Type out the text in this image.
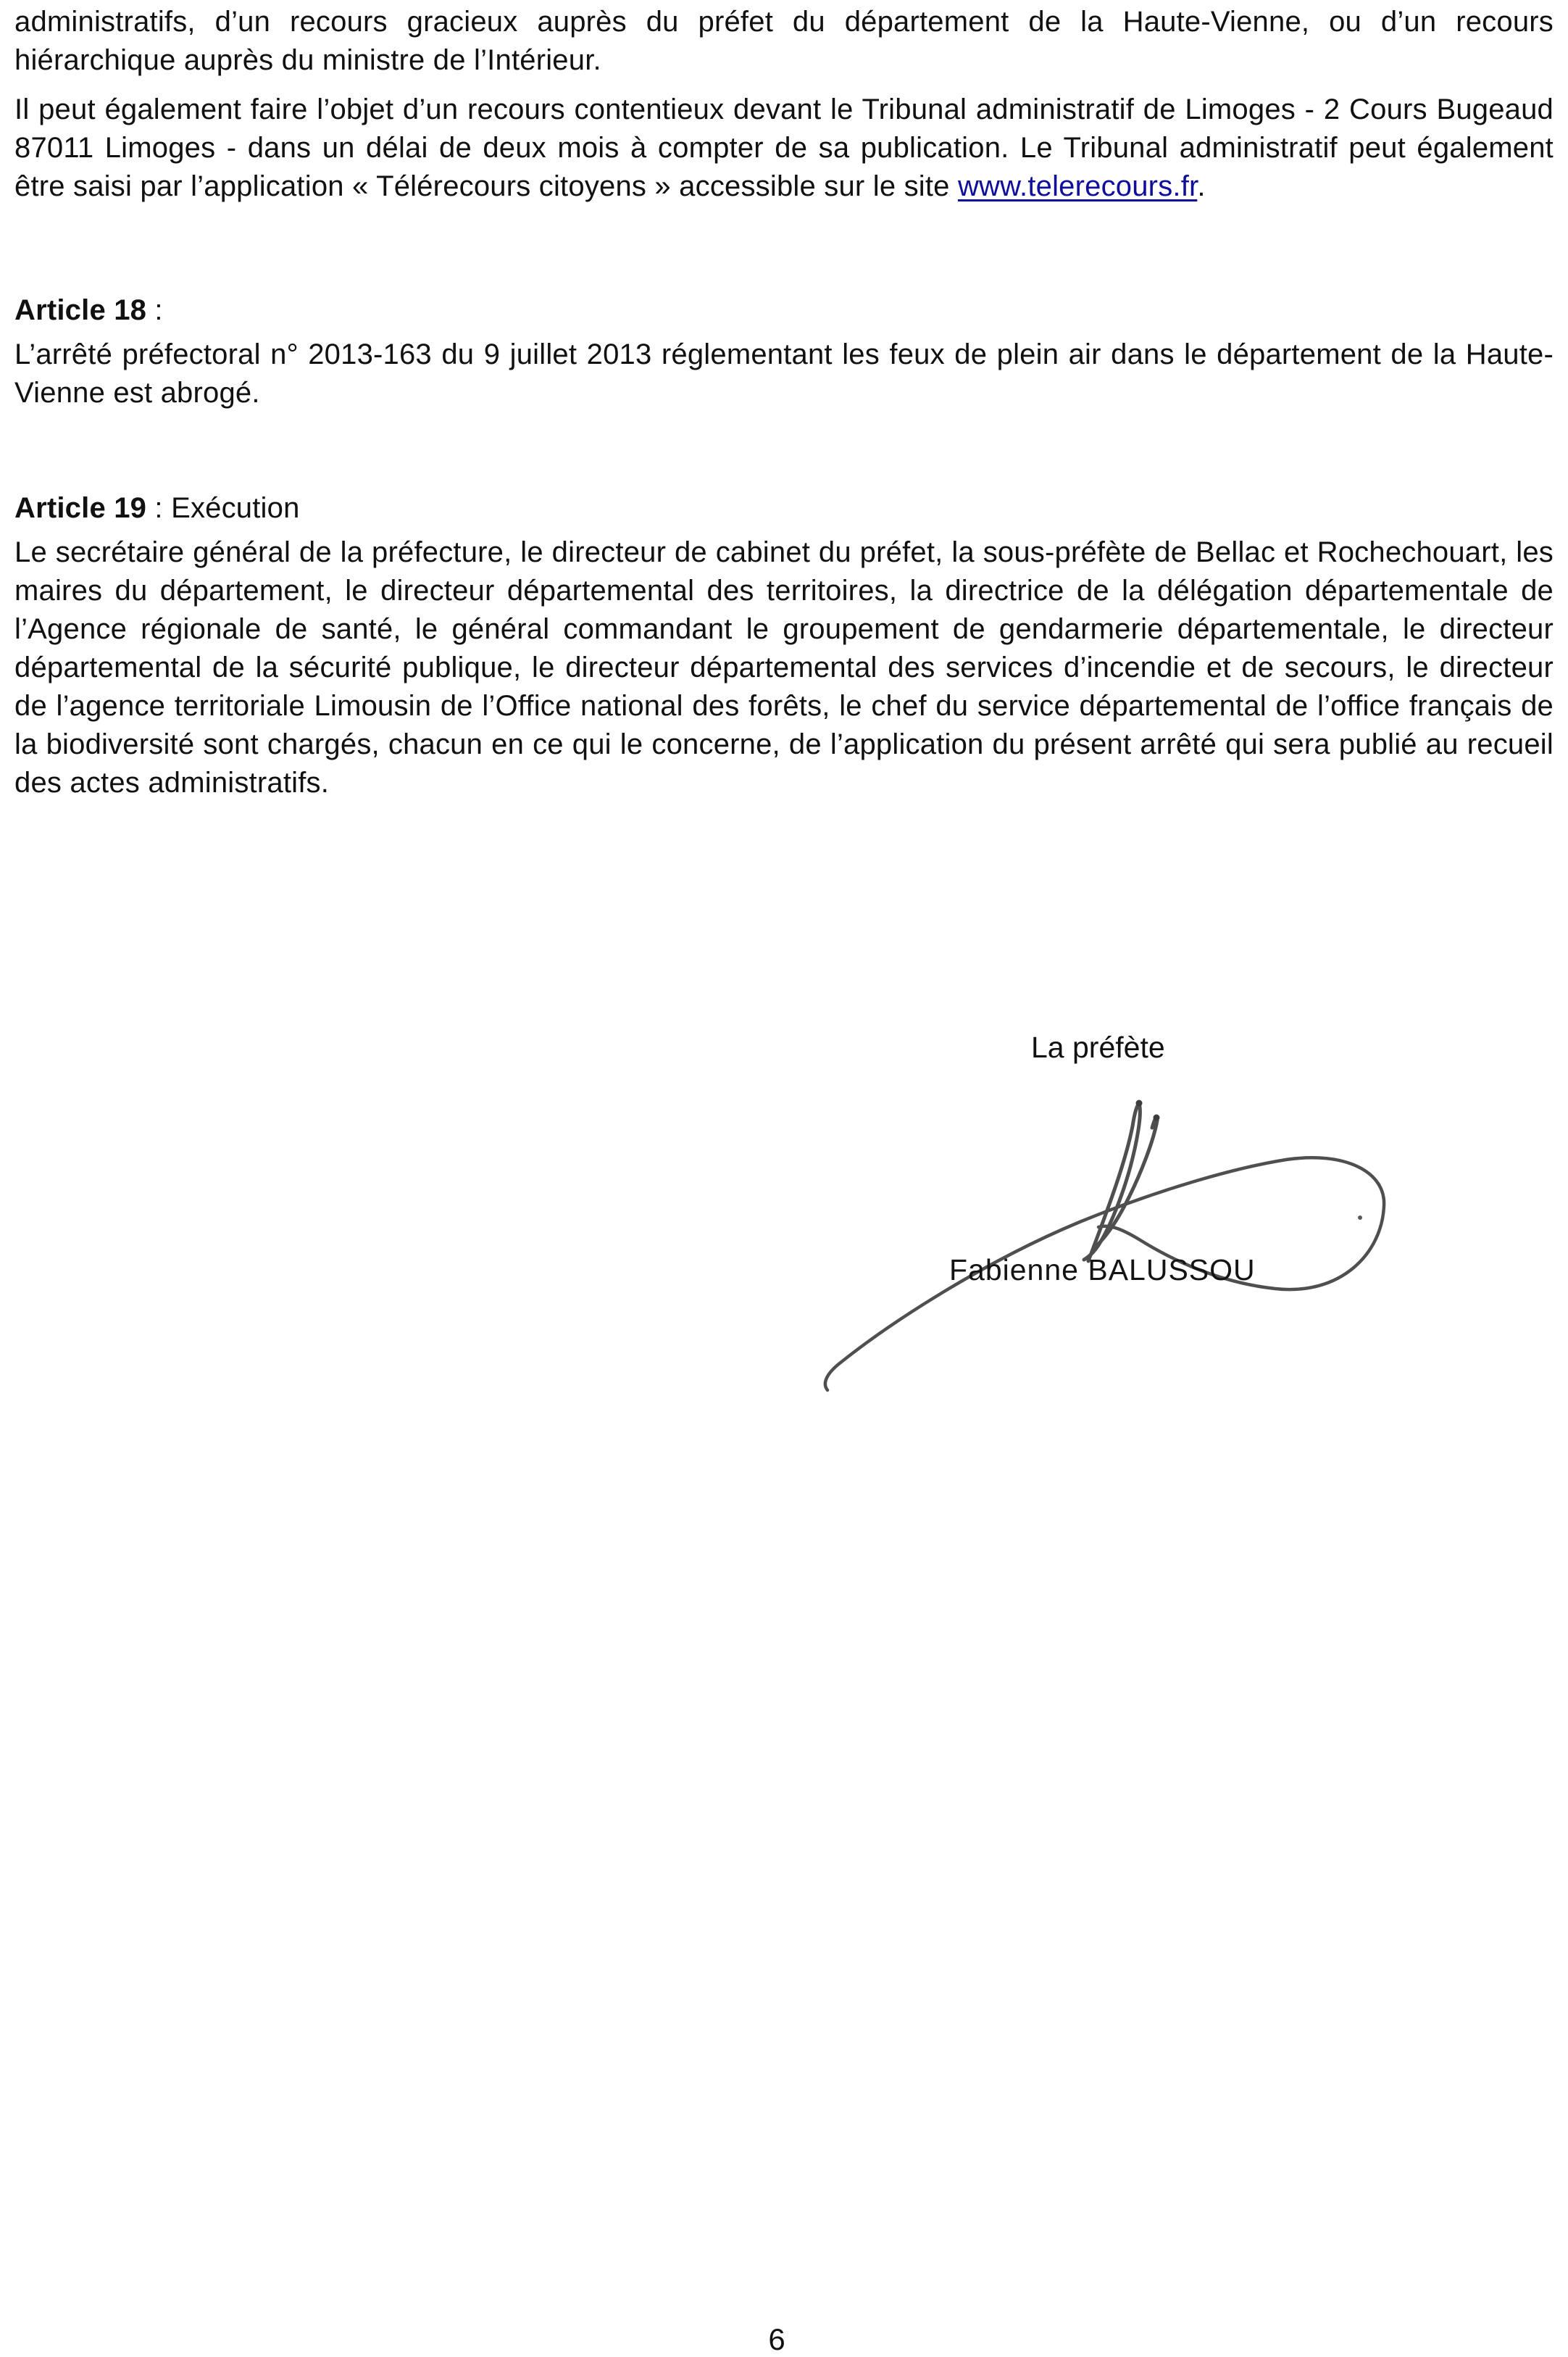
administratifs, d’un recours gracieux auprès du préfet du département de la Haute-Vienne, ou d’un recours hiérarchique auprès du ministre de l’Intérieur.

Il peut également faire l’objet d’un recours contentieux devant le Tribunal administratif de Limoges - 2 Cours Bugeaud 87011 Limoges - dans un délai de deux mois à compter de sa publication. Le Tribunal administratif peut également être saisi par l’application « Télérecours citoyens » accessible sur le site www.telerecours.fr.

Article 18 :

L’arrêté préfectoral n° 2013-163 du 9 juillet 2013 réglementant les feux de plein air dans le département de la Haute-Vienne est abrogé.

Article 19 : Exécution

Le secrétaire général de la préfecture, le directeur de cabinet du préfet, la sous-préfète de Bellac et Rochechouart, les maires du département, le directeur départemental des territoires, la directrice de la délégation départementale de l’Agence régionale de santé, le général commandant le groupement de gendarmerie départementale, le directeur départemental de la sécurité publique, le directeur départemental des services d’incendie et de secours, le directeur de l’agence territoriale Limousin de l’Office national des forêts, le chef du service départemental de l’office français de la biodiversité sont chargés, chacun en ce qui le concerne, de l’application du présent arrêté qui sera publié au recueil des actes administratifs.

La préfète
Fabienne BALUSSOU
6
